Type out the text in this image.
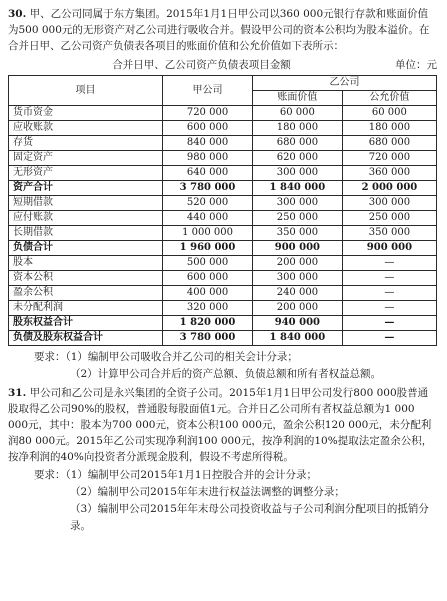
30. 甲、乙公司同属于东方集团。2015年1月1日甲公司以360 000元银行存款和账面价值为500 000元的无形资产对乙公司进行吸收合并。假设甲公司的资本公积均为股本溢价。在合并日甲、乙公司资产负债表各项目的账面价值和公允价值如下表所示：

合并日甲、乙公司资产负债表项目金额	单位：元
项目	甲公司	乙公司	
		账面价值	公允价值
货币资金	720 000	60 000	60 000
应收账款	600 000	180 000	180 000
存货	840 000	680 000	680 000
固定资产	980 000	620 000	720 000
无形资产	640 000	300 000	360 000
资产合计	3 780 000	1 840 000	2 000 000
短期借款	520 000	300 000	300 000
应付账款	440 000	250 000	250 000
长期借款	1 000 000	350 000	350 000
负债合计	1 960 000	900 000	900 000
股本	500 000	200 000	—
资本公积	600 000	300 000	—
盈余公积	400 000	240 000	—
未分配利润	320 000	200 000	—
股东权益合计	1 820 000	940 000	—
负债及股东权益合计	3 780 000	1 840 000	—

要求：（1）编制甲公司吸收合并乙公司的相关会计分录；

（2）计算甲公司合并后的资产总额、负债总额和所有者权益总额。

31. 甲公司和乙公司是永兴集团的全资子公司。2015年1月1日甲公司发行800 000股普通股取得乙公司90%的股权，普通股每股面值1元。合并日乙公司所有者权益总额为1 000 000元，其中：股本为700 000元，资本公积100 000元，盈余公积120 000元，未分配利润80 000元。2015年乙公司实现净利润100 000元，按净利润的10%提取法定盈余公积，按净利润的40%向投资者分派现金股利，假设不考虑所得税。

要求：（1）编制甲公司2015年1月1日控股合并的会计分录；

（2）编制甲公司2015年年末进行权益法调整的调整分录；

（3）编制甲公司2015年年末母公司投资收益与子公司利润分配项目的抵销分录。
